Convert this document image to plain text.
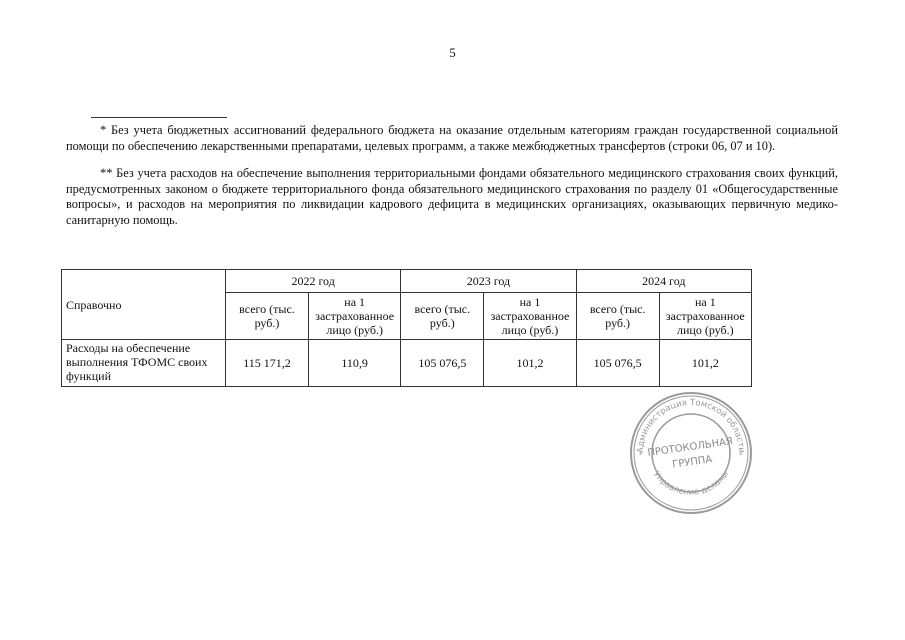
5

* Без учета бюджетных ассигнований федерального бюджета на оказание отдельным категориям граждан государственной социальной помощи по обеспечению лекарственными препаратами, целевых программ, а также межбюджетных трансфертов (строки 06, 07 и 10).

** Без учета расходов на обеспечение выполнения территориальными фондами обязательного медицинского страхования своих функций, предусмотренных законом о бюджете территориального фонда обязательного медицинского страхования по разделу 01 «Общегосударственные вопросы», и расходов на мероприятия по ликвидации кадрового дефицита в медицинских организациях, оказывающих первичную медико-санитарную помощь.

Справочно	2022 год		2023 год		2024 год	
	всего (тыс. руб.)	на 1 застрахованное лицо (руб.)	всего (тыс. руб.)	на 1 застрахованное лицо (руб.)	всего (тыс. руб.)	на 1 застрахованное лицо (руб.)
Расходы на обеспечение выполнения ТФОМС своих функций	115 171,2	110,9	105 076,5	101,2	105 076,5	101,2
Администрация Томской области
Управление делами
ПРОТОКОЛЬНАЯ
ГРУППА
*	*
